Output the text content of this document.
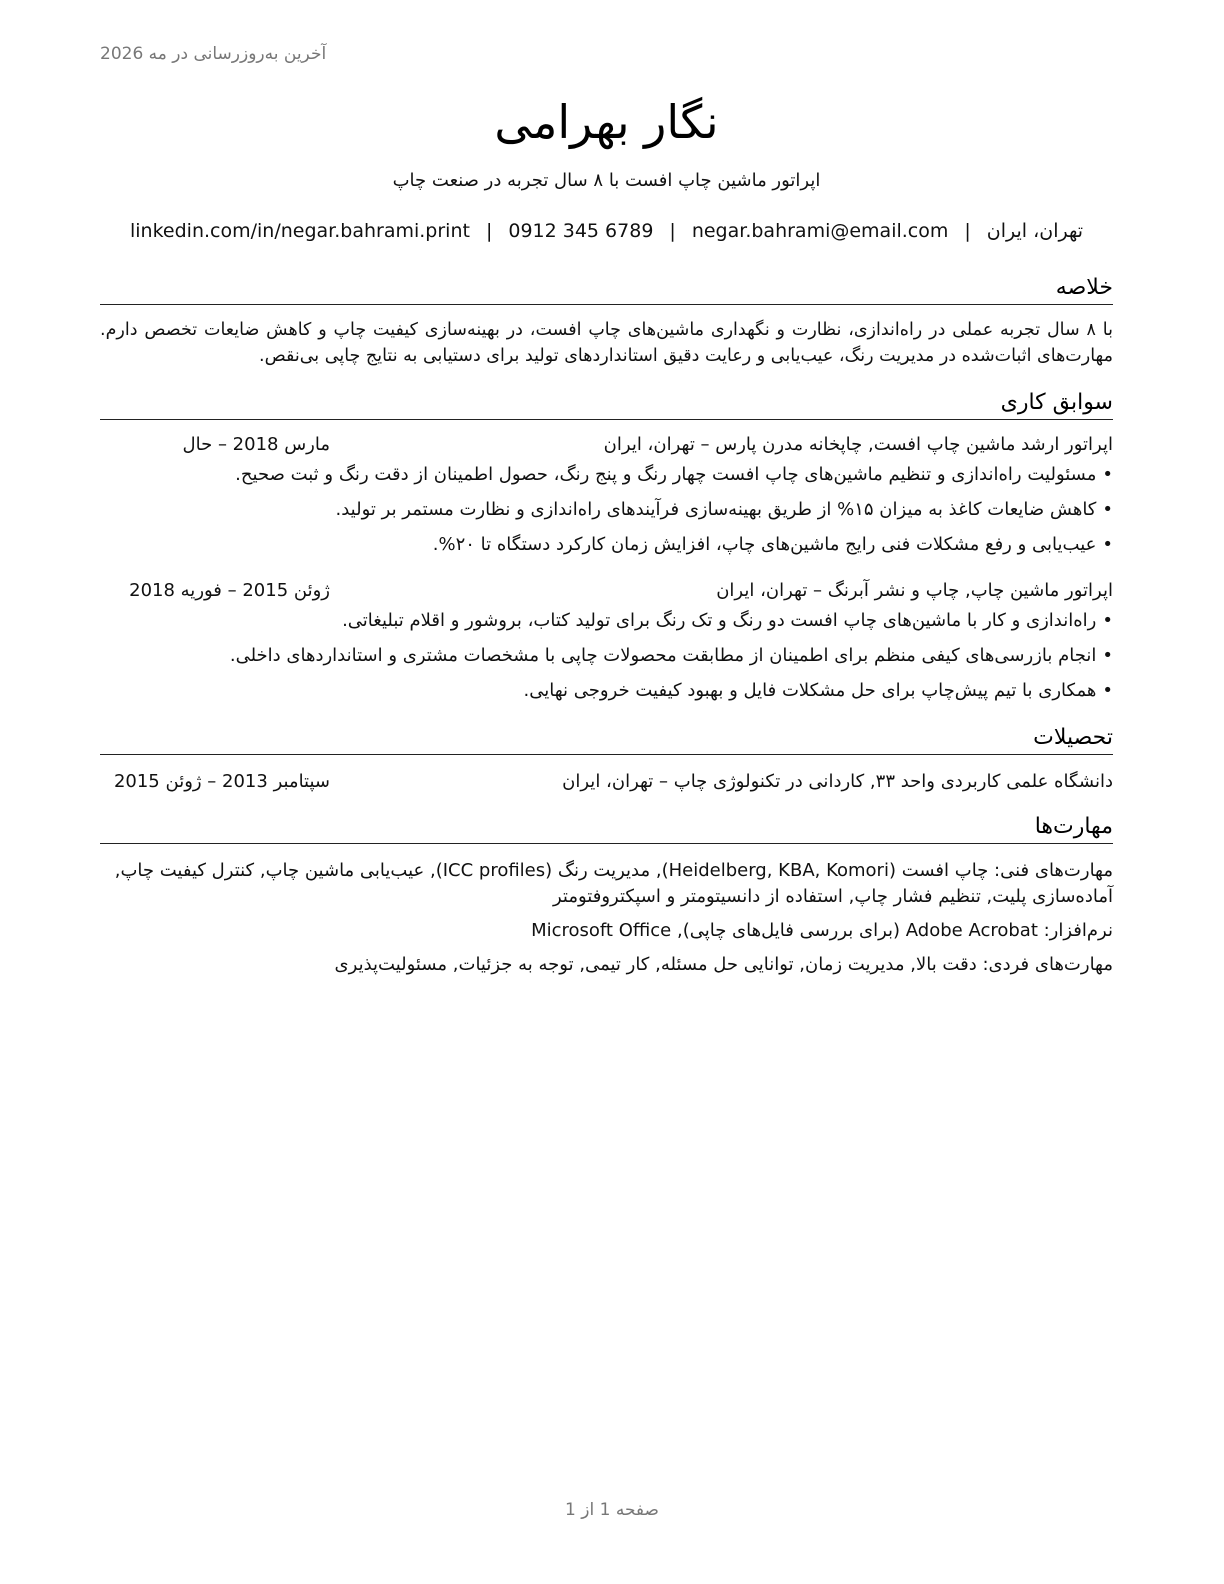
آخرین به‌روزرسانی در مه 2026
نگار بهرامی
اپراتور ماشین چاپ افست با ۸ سال تجربه در صنعت چاپ
تهران، ایران
|
negar.bahrami@email.com
|
0912 345 6789
|
linkedin.com/in/negar.bahrami.print
خلاصه

با ۸ سال تجربه عملی در راه‌اندازی، نظارت و نگهداری ماشین‌های چاپ افست، در بهینه‌سازی کیفیت چاپ و کاهش ضایعات تخصص دارم. مهارت‌های اثبات‌شده در مدیریت رنگ، عیب‌یابی و رعایت دقیق استانداردهای تولید برای دستیابی به نتایج چاپی بی‌نقص.

سوابق کاری
اپراتور ارشد ماشین چاپ افست, چاپخانه مدرن پارس – تهران، ایران
مارس 2018 – حال
• مسئولیت راه‌اندازی و تنظیم ماشین‌های چاپ افست چهار رنگ و پنج رنگ، حصول اطمینان از دقت رنگ و ثبت صحیح.
• کاهش ضایعات کاغذ به میزان ۱۵% از طریق بهینه‌سازی فرآیندهای راه‌اندازی و نظارت مستمر بر تولید.
• عیب‌یابی و رفع مشکلات فنی رایج ماشین‌های چاپ، افزایش زمان کارکرد دستگاه تا ۲۰%.
اپراتور ماشین چاپ, چاپ و نشر آبرنگ – تهران، ایران
ژوئن 2015 – فوریه 2018
• راه‌اندازی و کار با ماشین‌های چاپ افست دو رنگ و تک رنگ برای تولید کتاب، بروشور و اقلام تبلیغاتی.
• انجام بازرسی‌های کیفی منظم برای اطمینان از مطابقت محصولات چاپی با مشخصات مشتری و استانداردهای داخلی.
• همکاری با تیم پیش‌چاپ برای حل مشکلات فایل و بهبود کیفیت خروجی نهایی.
تحصیلات
دانشگاه علمی کاربردی واحد ۳۳, کاردانی در تکنولوژی چاپ – تهران، ایران
سپتامبر 2013 – ژوئن 2015
مهارت‌ها
مهارت‌های فنی: چاپ افست (Heidelberg, KBA, Komori), مدیریت رنگ (ICC profiles), عیب‌یابی ماشین چاپ, کنترل کیفیت چاپ, آماده‌سازی پلیت, تنظیم فشار چاپ, استفاده از دانسیتومتر و اسپکتروفتومتر
نرم‌افزار: Adobe Acrobat (برای بررسی فایل‌های چاپی), Microsoft Office
مهارت‌های فردی: دقت بالا, مدیریت زمان, توانایی حل مسئله, کار تیمی, توجه به جزئیات, مسئولیت‌پذیری
صفحه 1 از 1
